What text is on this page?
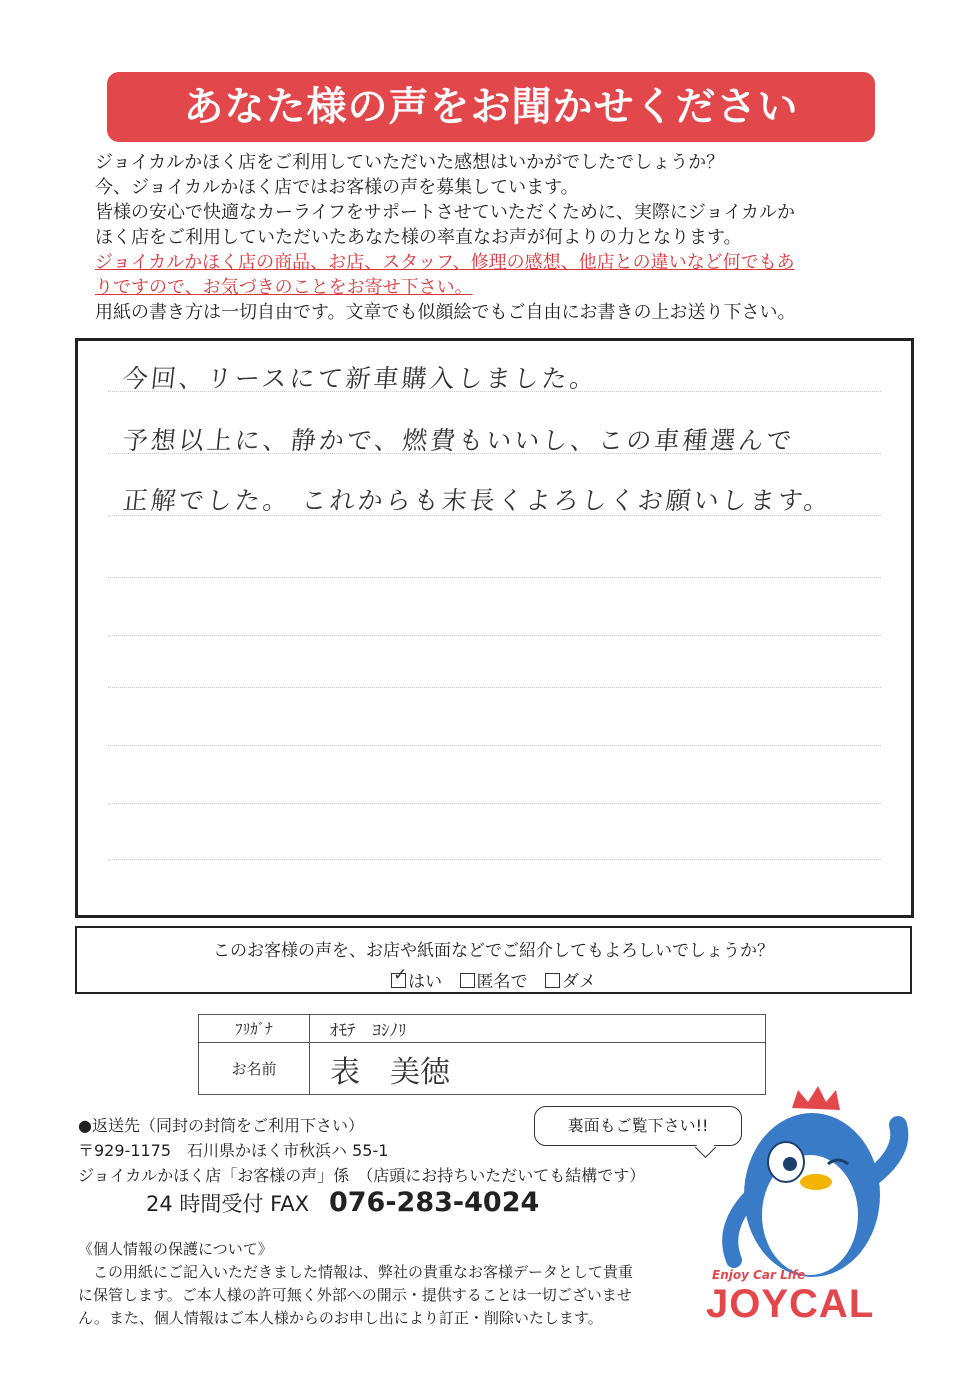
あなた様の声をお聞かせください

ジョイカルかほく店をご利用していただいた感想はいかがでしたでしょうか？

今、ジョイカルかほく店ではお客様の声を募集しています。

皆様の安心で快適なカーライフをサポートさせていただくために、実際にジョイカルか

ほく店をご利用していただいたあなた様の率直なお声が何よりの力となります。

ジョイカルかほく店の商品、お店、スタッフ、修理の感想、他店との違いなど何でもあ

りですので、お気づきのことをお寄せ下さい。

用紙の書き方は一切自由です。文章でも似顔絵でもご自由にお書きの上お送り下さい。

今回、リースにて新車購入しました。
予想以上に、静かで、燃費もいいし、この車種選んで
正解でした。 これからも末長くよろしくお願いします。
このお客様の声を、お店や紙面などでご紹介してもよろしいでしょうか？
✓ はい 匿名で ダメ
ﾌﾘｶﾞﾅ	ｵﾓﾃ　ﾖｼﾉﾘ
お名前	表　美徳

●返送先（同封の封筒をご利用下さい）

〒929-1175　石川県かほく市秋浜ハ 55-1

ジョイカルかほく店「お客様の声」係　（店頭にお持ちいただいても結構です）

24 時間受付 FAX 076-283-4024

《個人情報の保護について》

この用紙にご記入いただきました情報は、弊社の貴重なお客様データとして貴重

に保管します。ご本人様の許可無く外部への開示・提供することは一切ございませ

ん。また、個人情報はご本人様からのお申し出により訂正・削除いたします。

裏面もご覧下さい!!
Enjoy Car Life
JOYCAL
